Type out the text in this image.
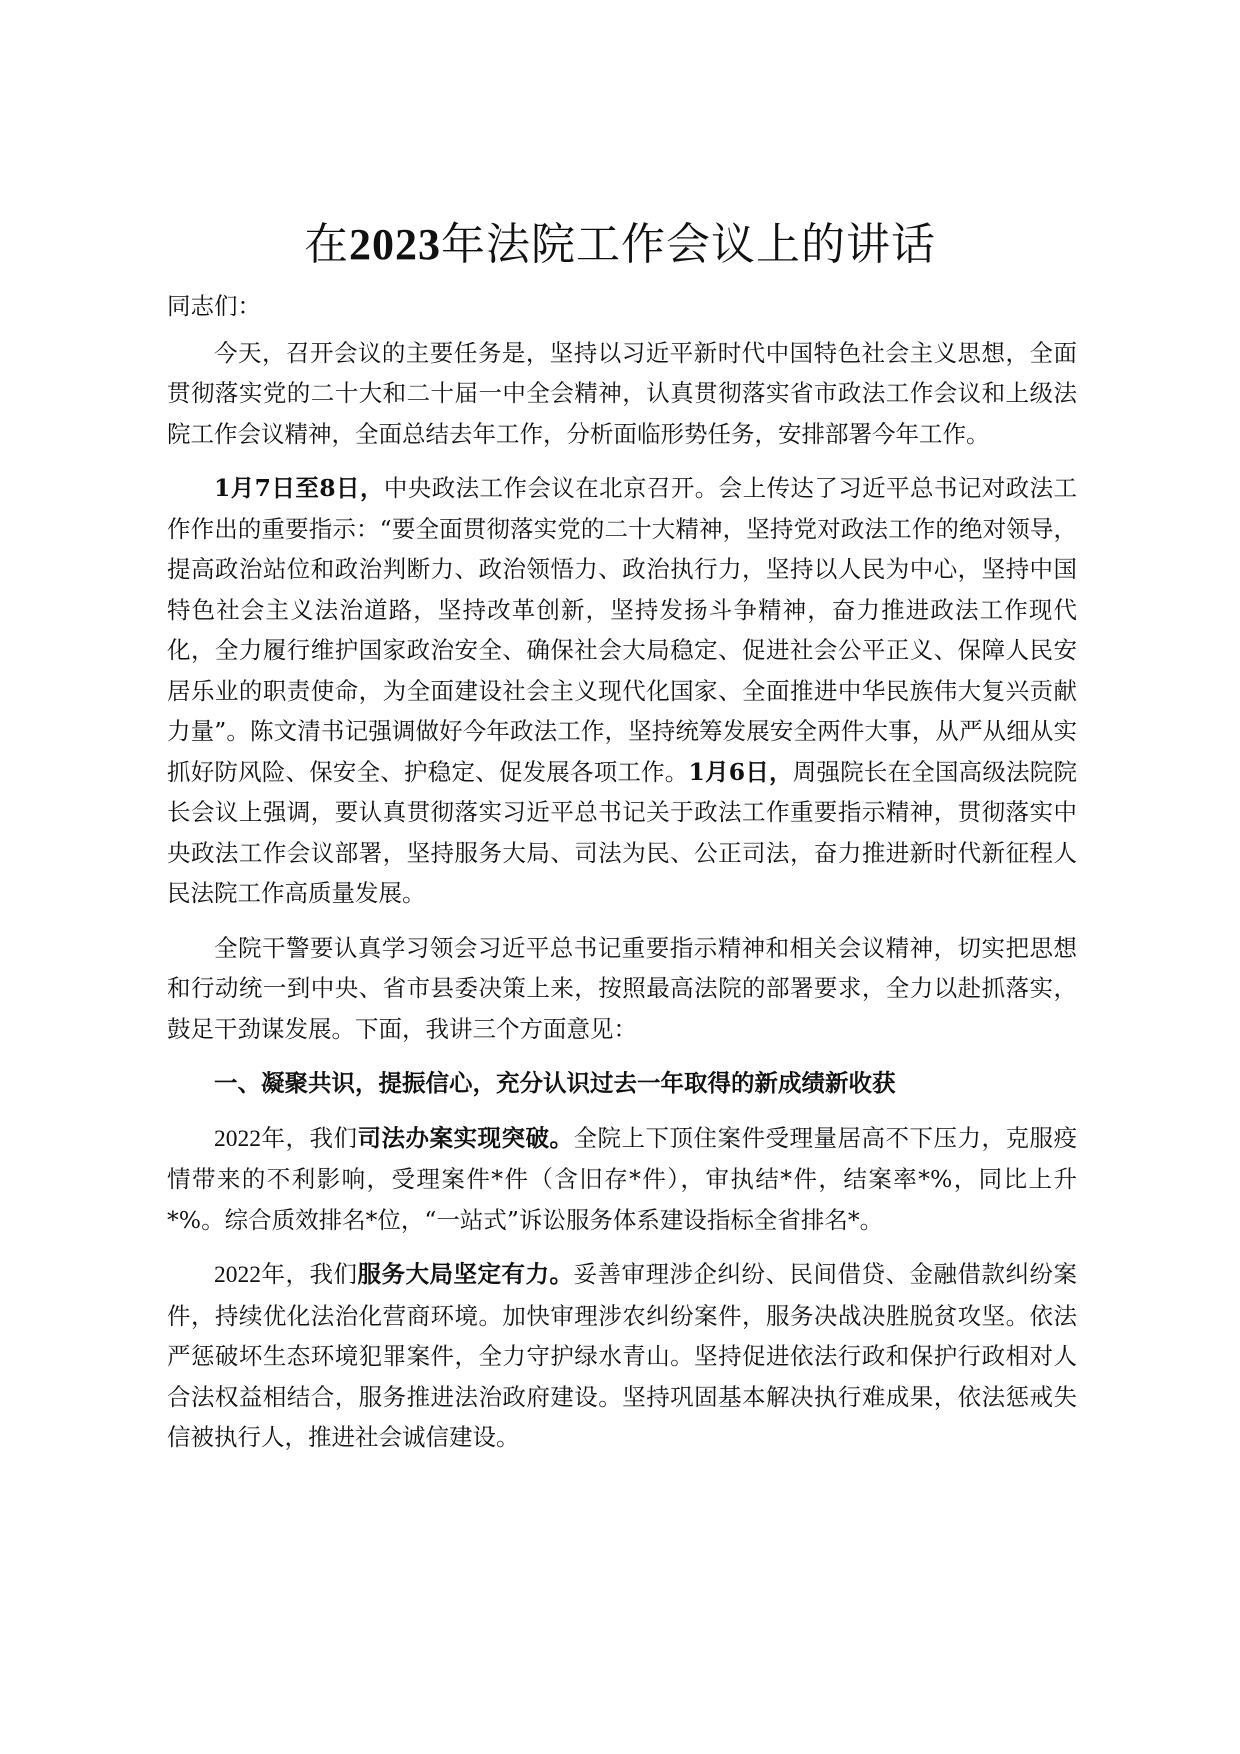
在2023年法院工作会议上的讲话

同志们：

今天，召开会议的主要任务是，坚持以习近平新时代中国特色社会主义思想，全面贯彻落实党的二十大和二十届一中全会精神，认真贯彻落实省市政法工作会议和上级法院工作会议精神，全面总结去年工作，分析面临形势任务，安排部署今年工作。

1月7日至8日，中央政法工作会议在北京召开。会上传达了习近平总书记对政法工作作出的重要指示：“要全面贯彻落实党的二十大精神，坚持党对政法工作的绝对领导，提高政治站位和政治判断力、政治领悟力、政治执行力，坚持以人民为中心，坚持中国特色社会主义法治道路，坚持改革创新，坚持发扬斗争精神，奋力推进政法工作现代化，全力履行维护国家政治安全、确保社会大局稳定、促进社会公平正义、保障人民安居乐业的职责使命，为全面建设社会主义现代化国家、全面推进中华民族伟大复兴贡献力量”。陈文清书记强调做好今年政法工作，坚持统筹发展安全两件大事，从严从细从实抓好防风险、保安全、护稳定、促发展各项工作。1月6日，周强院长在全国高级法院院长会议上强调，要认真贯彻落实习近平总书记关于政法工作重要指示精神，贯彻落实中央政法工作会议部署，坚持服务大局、司法为民、公正司法，奋力推进新时代新征程人民法院工作高质量发展。

全院干警要认真学习领会习近平总书记重要指示精神和相关会议精神，切实把思想和行动统一到中央、省市县委决策上来，按照最高法院的部署要求，全力以赴抓落实，鼓足干劲谋发展。下面，我讲三个方面意见：

一、凝聚共识，提振信心，充分认识过去一年取得的新成绩新收获

2022年，我们司法办案实现突破。全院上下顶住案件受理量居高不下压力，克服疫情带来的不利影响，受理案件*件（含旧存*件），审执结*件，结案率*%，同比上升*%。综合质效排名*位，“一站式”诉讼服务体系建设指标全省排名*。

2022年，我们服务大局坚定有力。妥善审理涉企纠纷、民间借贷、金融借款纠纷案件，持续优化法治化营商环境。加快审理涉农纠纷案件，服务决战决胜脱贫攻坚。依法严惩破坏生态环境犯罪案件，全力守护绿水青山。坚持促进依法行政和保护行政相对人合法权益相结合，服务推进法治政府建设。坚持巩固基本解决执行难成果，依法惩戒失信被执行人，推进社会诚信建设。
